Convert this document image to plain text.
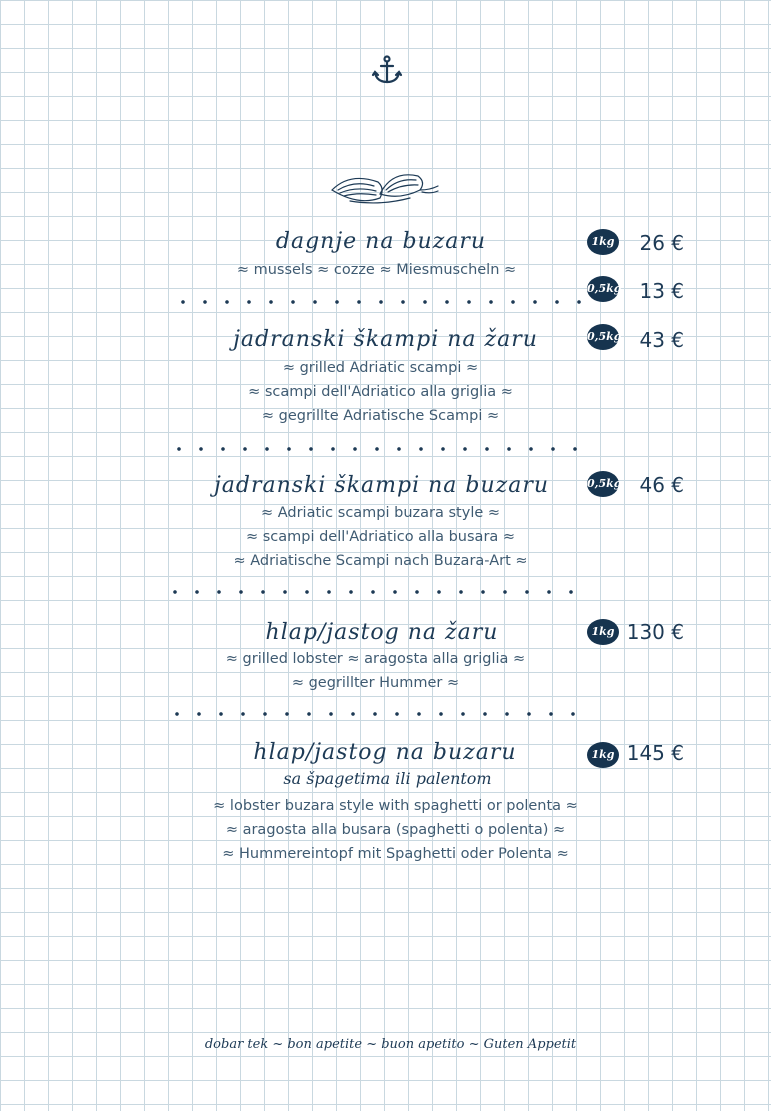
dagnje na buzaru
≈ mussels ≈ cozze ≈ Miesmuscheln ≈
1kg	26 €
0,5kg 13 €
jadranski škampi na žaru
≈ grilled Adriatic scampi ≈
≈ scampi dell'Adriatico alla griglia ≈
≈ gegrillte Adriatische Scampi ≈
0,5kg 43 €
jadranski škampi na buzaru
≈ Adriatic scampi buzara style ≈
≈ scampi dell'Adriatico alla busara ≈
≈ Adriatische Scampi nach Buzara-Art ≈
0,5kg 46 €
hlap/jastog na žaru
≈ grilled lobster ≈ aragosta alla griglia ≈
≈ gegrillter Hummer ≈
1kg 130 €
hlap/jastog na buzaru
sa špagetima ili palentom
≈ lobster buzara style with spaghetti or polenta ≈
≈ aragosta alla busara (spaghetti o polenta) ≈
≈ Hummereintopf mit Spaghetti oder Polenta ≈
1kg 145 €
dobar tek ~ bon apetite ~ buon apetito ~ Guten Appetit
